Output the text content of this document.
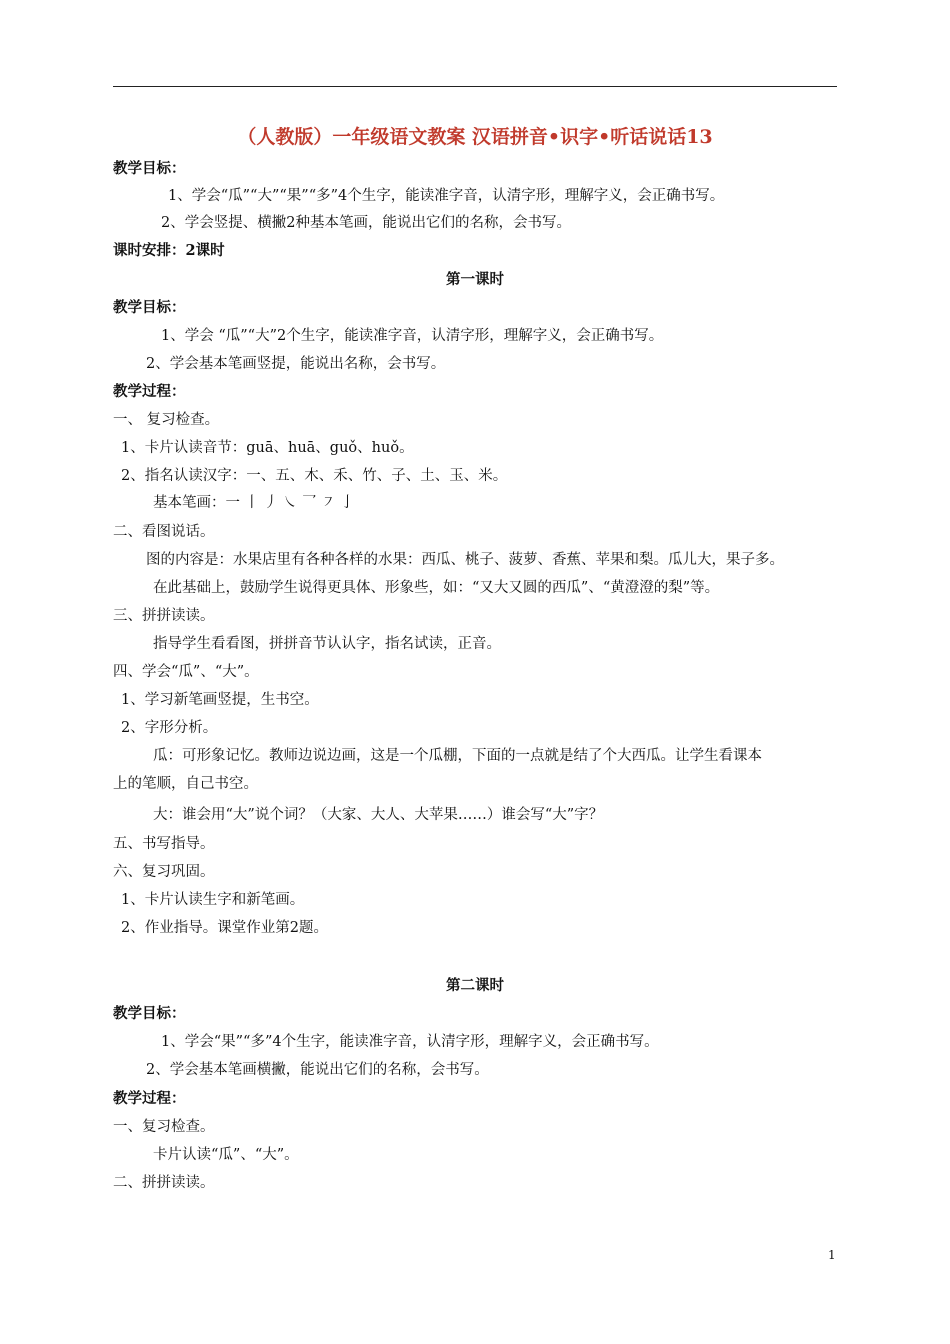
（人教版）一年级语文教案 汉语拼音•识字•听话说话13
教学目标：
1、学会“瓜”“大”“果”“多”4个生字，能读准字音，认清字形，理解字义，会正确书写。
2、学会竖提、横撇2种基本笔画，能说出它们的名称，会书写。
课时安排：2课时
第一课时
教学目标：
1、学会 “瓜”“大”2个生字，能读准字音，认清字形，理解字义，会正确书写。
2、学会基本笔画竖提，能说出名称，会书写。
教学过程：
一、 复习检查。
1、卡片认读音节：guā、huā、guǒ、huǒ。
2、指名认读汉字：一、五、木、禾、竹、子、土、玉、米。
基本笔画：一 丨 丿 ㇏ 乛 ㇇ 亅
二、看图说话。
图的内容是：水果店里有各种各样的水果：西瓜、桃子、菠萝、香蕉、苹果和梨。瓜儿大，果子多。
在此基础上，鼓励学生说得更具体、形象些，如：“又大又圆的西瓜”、“黄澄澄的梨”等。
三、拼拼读读。
指导学生看看图，拼拼音节认认字，指名试读，正音。
四、学会“瓜”、“大”。
1、学习新笔画竖提，生书空。
2、字形分析。
瓜：可形象记忆。教师边说边画，这是一个瓜棚，下面的一点就是结了个大西瓜。让学生看课本
上的笔顺，自己书空。
大：谁会用“大”说个词？（大家、大人、大苹果……）谁会写“大”字？
五、书写指导。
六、复习巩固。
1、卡片认读生字和新笔画。
2、作业指导。课堂作业第2题。
第二课时
教学目标：
1、学会“果”“多”4个生字，能读准字音，认清字形，理解字义，会正确书写。
2、学会基本笔画横撇，能说出它们的名称，会书写。
教学过程：
一、复习检查。
卡片认读“瓜”、“大”。
二、拼拼读读。
1
